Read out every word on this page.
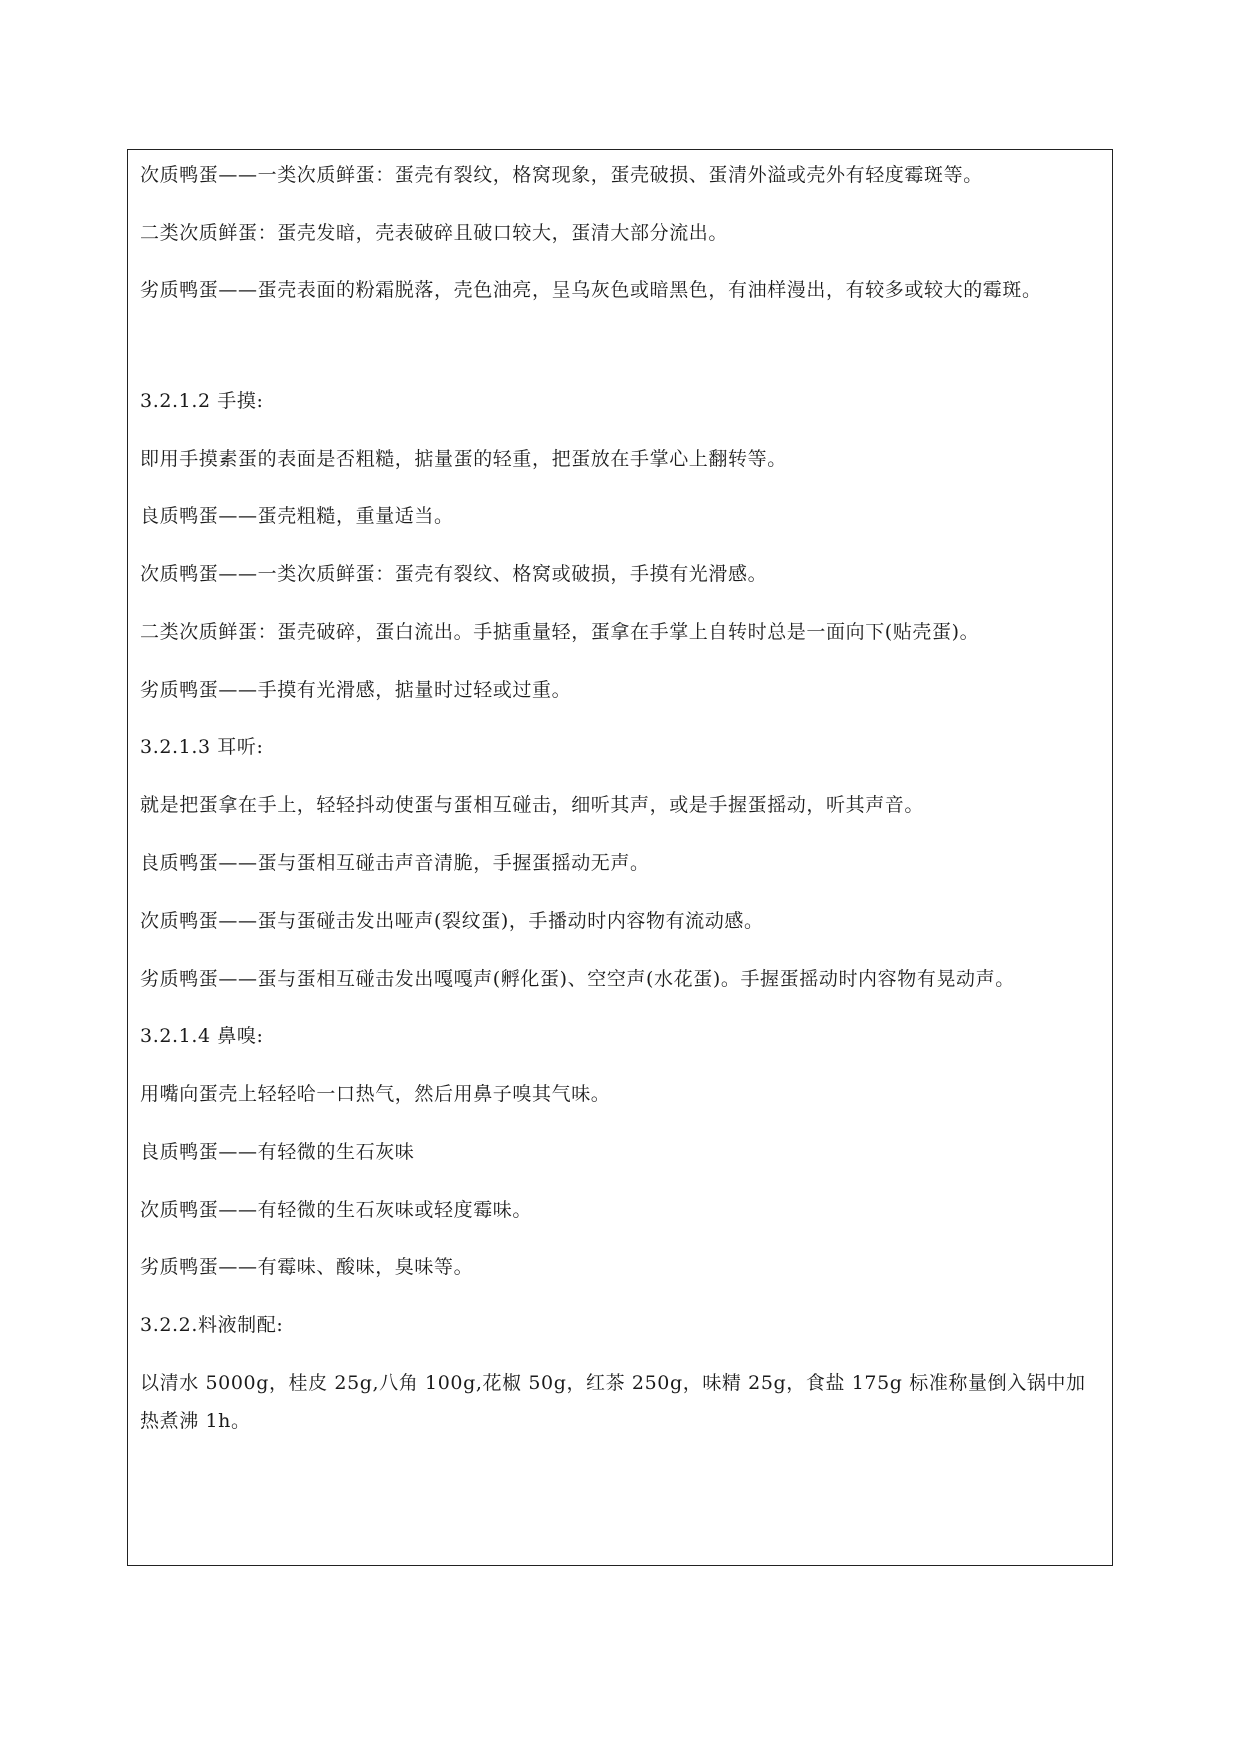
次质鸭蛋——一类次质鲜蛋：蛋壳有裂纹，格窝现象，蛋壳破损、蛋清外溢或壳外有轻度霉斑等。

二类次质鲜蛋：蛋壳发暗，壳表破碎且破口较大，蛋清大部分流出。

劣质鸭蛋——蛋壳表面的粉霜脱落，壳色油亮，呈乌灰色或暗黑色，有油样漫出，有较多或较大的霉斑。

3.2.1.2 手摸:

即用手摸素蛋的表面是否粗糙，掂量蛋的轻重，把蛋放在手掌心上翻转等。

良质鸭蛋——蛋壳粗糙，重量适当。

次质鸭蛋——一类次质鲜蛋：蛋壳有裂纹、格窝或破损，手摸有光滑感。

二类次质鲜蛋：蛋壳破碎，蛋白流出。手掂重量轻，蛋拿在手掌上自转时总是一面向下(贴壳蛋)。

劣质鸭蛋——手摸有光滑感，掂量时过轻或过重。

3.2.1.3 耳听:

就是把蛋拿在手上，轻轻抖动使蛋与蛋相互碰击，细听其声，或是手握蛋摇动，听其声音。

良质鸭蛋——蛋与蛋相互碰击声音清脆，手握蛋摇动无声。

次质鸭蛋——蛋与蛋碰击发出哑声(裂纹蛋)，手播动时内容物有流动感。

劣质鸭蛋——蛋与蛋相互碰击发出嘎嘎声(孵化蛋)、空空声(水花蛋)。手握蛋摇动时内容物有晃动声。

3.2.1.4 鼻嗅:

用嘴向蛋壳上轻轻哈一口热气，然后用鼻子嗅其气味。

良质鸭蛋——有轻微的生石灰味

次质鸭蛋——有轻微的生石灰味或轻度霉味。

劣质鸭蛋——有霉味、酸味，臭味等。

3.2.2.料液制配:

以清水 5000g，桂皮 25g,八角 100g,花椒 50g，红茶 250g，味精 25g，食盐 175g 标准称量倒入锅中加热煮沸 1h。
